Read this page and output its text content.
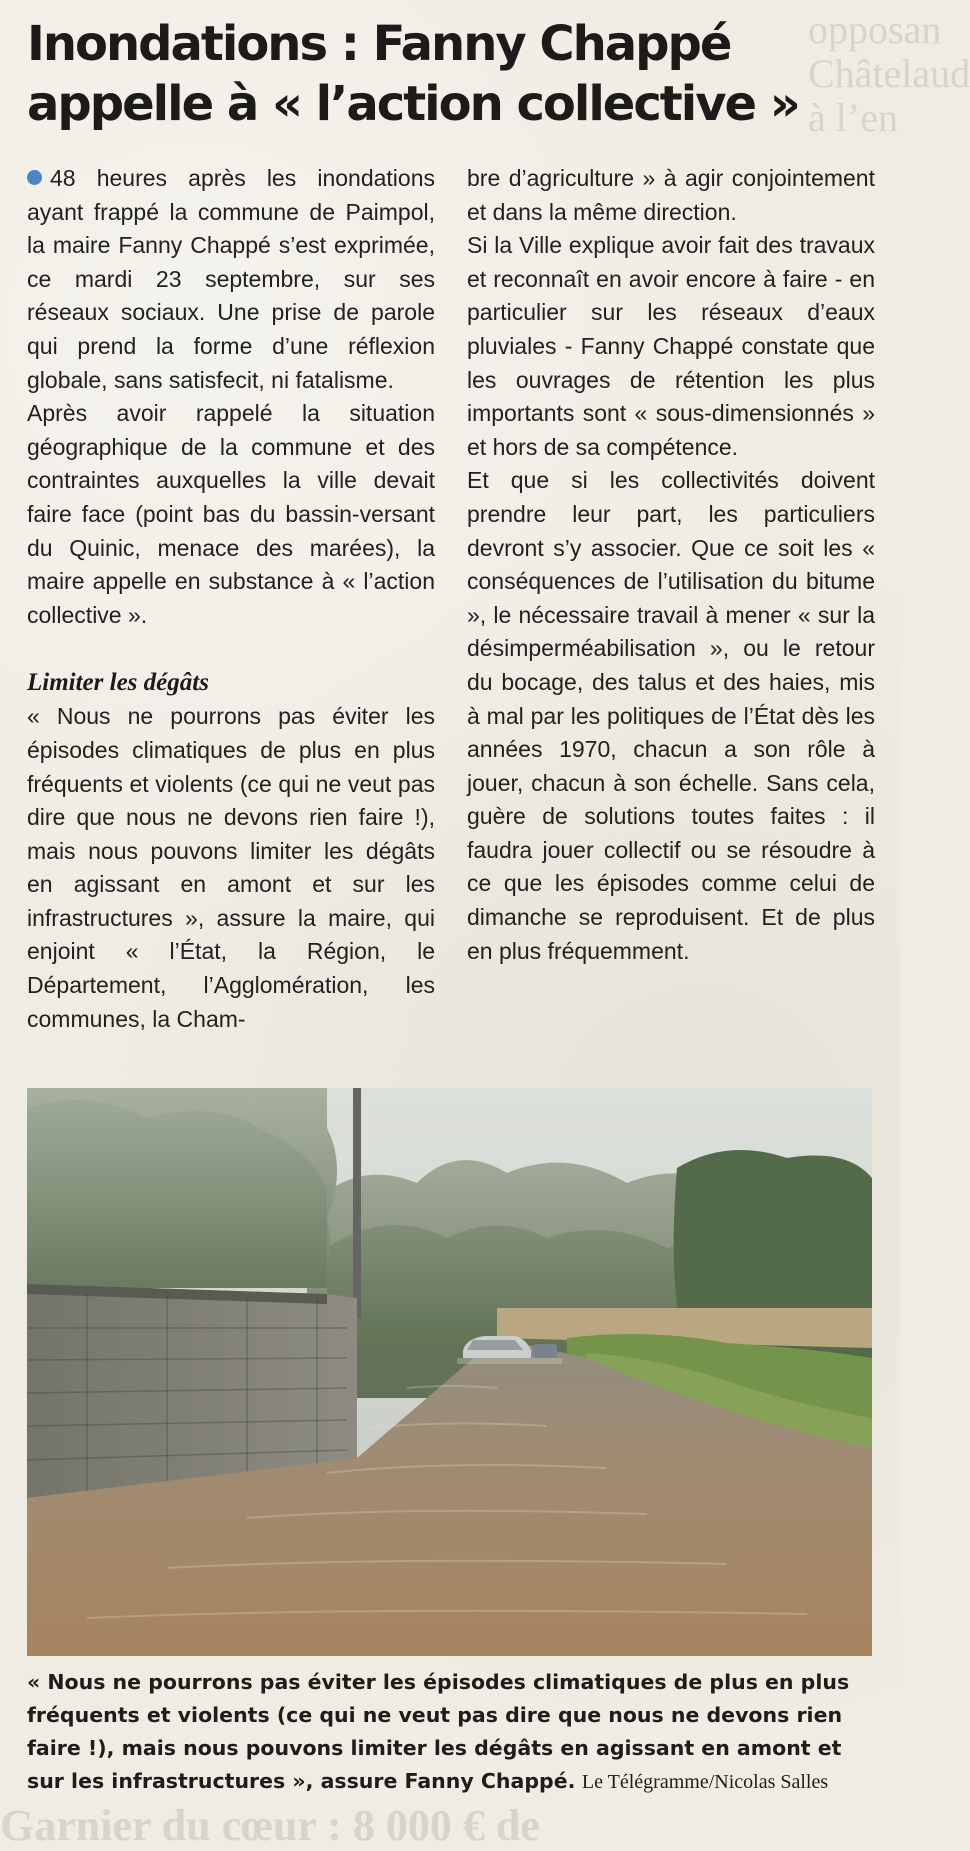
opposan
Châtelaud
à l’en
Inondations : Fanny Chappé appelle à « l’action collective »

48 heures après les inondations ayant frappé la commune de Paimpol, la maire Fanny Chappé s’est exprimée, ce mardi 23 septembre, sur ses réseaux sociaux. Une prise de parole qui prend la forme d’une réflexion globale, sans satisfecit, ni fatalisme.

Après avoir rappelé la situation géographique de la commune et des contraintes auxquelles la ville devait faire face (point bas du bassin-versant du Quinic, menace des marées), la maire appelle en substance à « l’action collective ».

Limiter les dégâts

« Nous ne pourrons pas éviter les épisodes climatiques de plus en plus fréquents et violents (ce qui ne veut pas dire que nous ne devons rien faire !), mais nous pouvons limiter les dégâts en agissant en amont et sur les infrastructures », assure la maire, qui enjoint « l’État, la Région, le Département, l’Agglomération, les communes, la Cham-

bre d’agriculture » à agir conjointement et dans la même direction.

Si la Ville explique avoir fait des travaux et reconnaît en avoir encore à faire - en particulier sur les réseaux d’eaux pluviales - Fanny Chappé constate que les ouvrages de rétention les plus importants sont « sous-dimensionnés » et hors de sa compétence.

Et que si les collectivités doivent prendre leur part, les particuliers devront s’y associer. Que ce soit les « conséquences de l’utilisation du bitume », le nécessaire travail à mener « sur la désimperméabilisation », ou le retour du bocage, des talus et des haies, mis à mal par les politiques de l’État dès les années 1970, chacun a son rôle à jouer, chacun à son échelle. Sans cela, guère de solutions toutes faites : il faudra jouer collectif ou se résoudre à ce que les épisodes comme celui de dimanche se reproduisent. Et de plus en plus fréquemment.

« Nous ne pourrons pas éviter les épisodes climatiques de plus en plus fréquents et violents (ce qui ne veut pas dire que nous ne devons rien faire !), mais nous pouvons limiter les dégâts en agissant en amont et sur les infrastructures », assure Fanny Chappé. Le Télégramme/Nicolas Salles

Garnier du cœur : 8 000 € de
